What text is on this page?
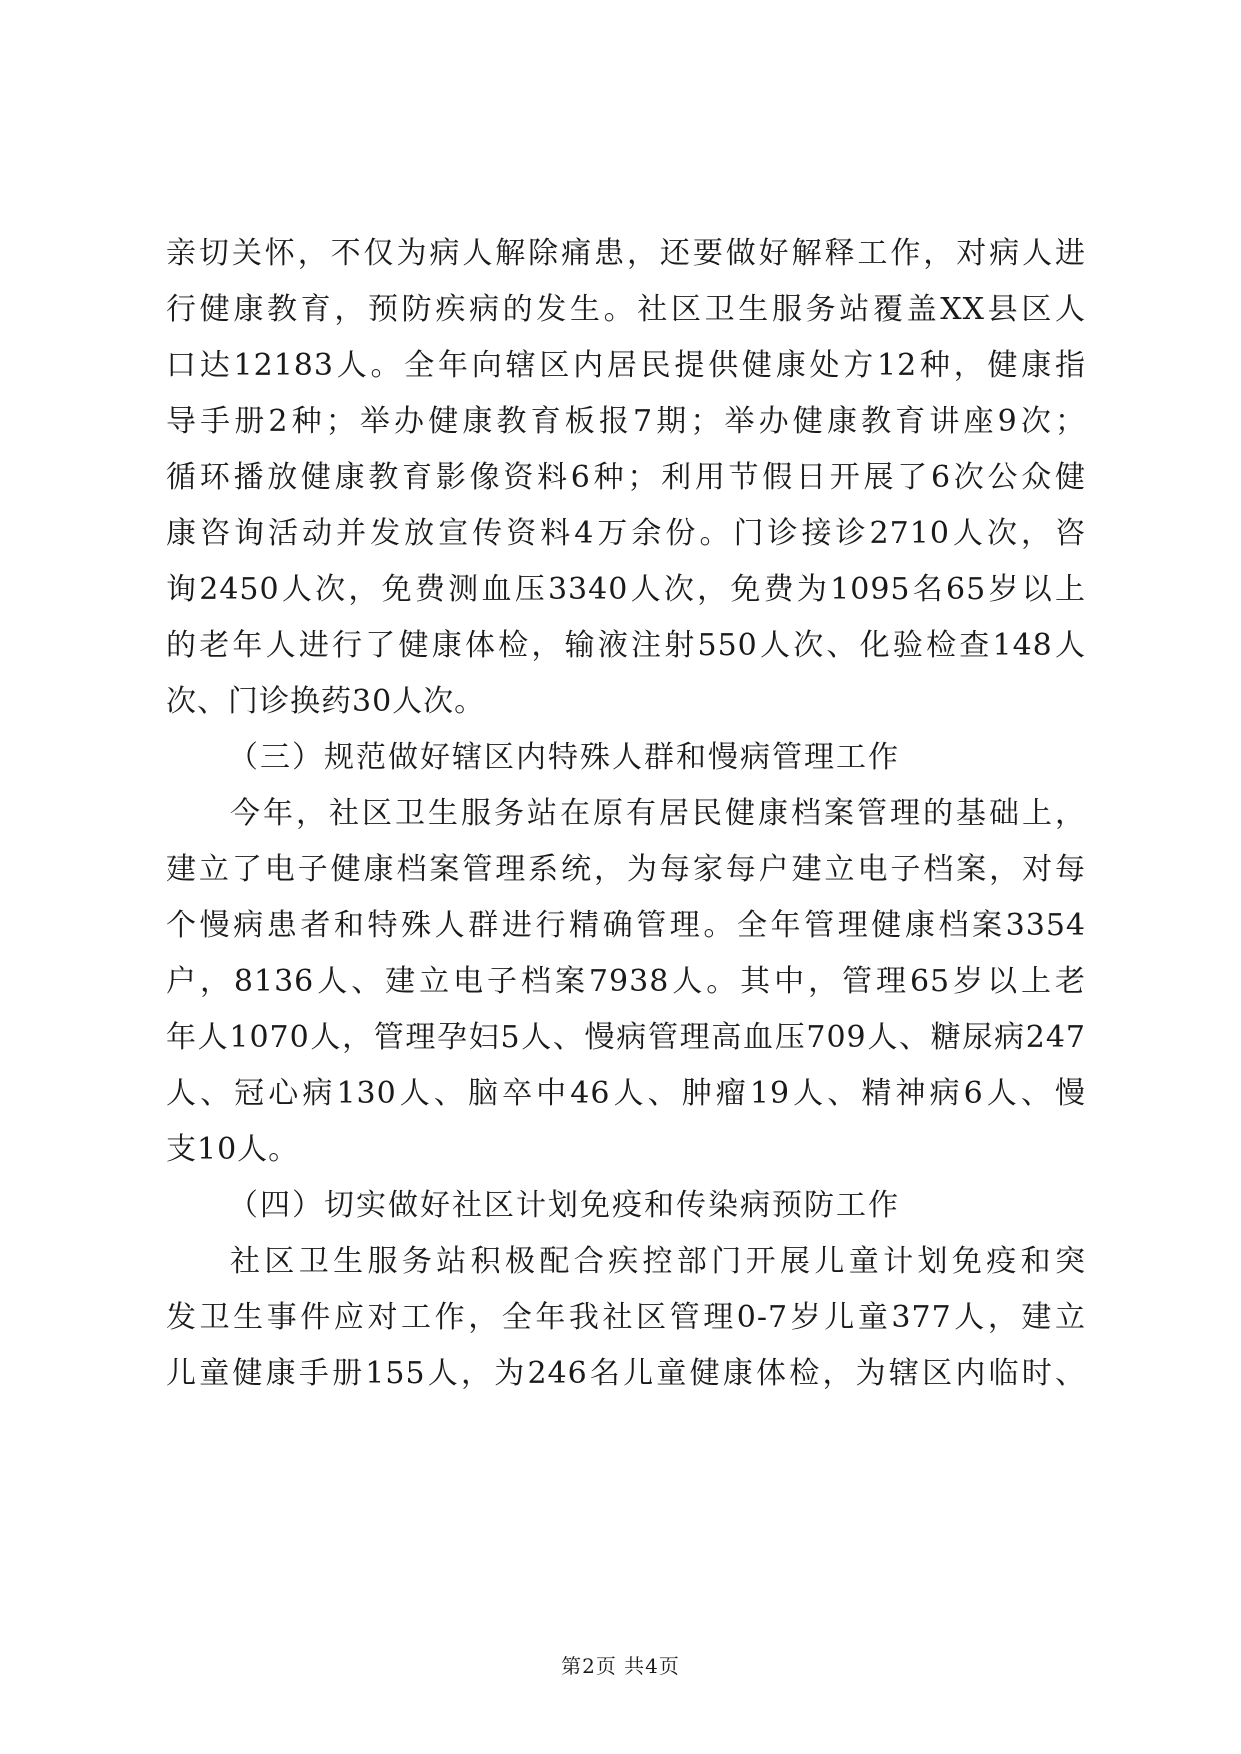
亲切关怀，不仅为病人解除痛患，还要做好解释工作，对病人进
行健康教育，预防疾病的发生。社区卫生服务站覆盖XX县区人
口达12183人。全年向辖区内居民提供健康处方12种，健康指
导手册2种；举办健康教育板报7期；举办健康教育讲座9次；
循环播放健康教育影像资料6种；利用节假日开展了6次公众健
康咨询活动并发放宣传资料4万余份。门诊接诊2710人次，咨
询2450人次，免费测血压3340人次，免费为1095名65岁以上
的老年人进行了健康体检，输液注射550人次、化验检查148人
次、门诊换药30人次。
（三）规范做好辖区内特殊人群和慢病管理工作
今年，社区卫生服务站在原有居民健康档案管理的基础上，
建立了电子健康档案管理系统，为每家每户建立电子档案，对每
个慢病患者和特殊人群进行精确管理。全年管理健康档案3354
户，8136人、建立电子档案7938人。其中，管理65岁以上老
年人1070人，管理孕妇5人、慢病管理高血压709人、糖尿病247
人、冠心病130人、脑卒中46人、肿瘤19人、精神病6人、慢
支10人。
（四）切实做好社区计划免疫和传染病预防工作
社区卫生服务站积极配合疾控部门开展儿童计划免疫和突
发卫生事件应对工作，全年我社区管理0-7岁儿童377人，建立
儿童健康手册155人，为246名儿童健康体检，为辖区内临时、
第2页 共4页
